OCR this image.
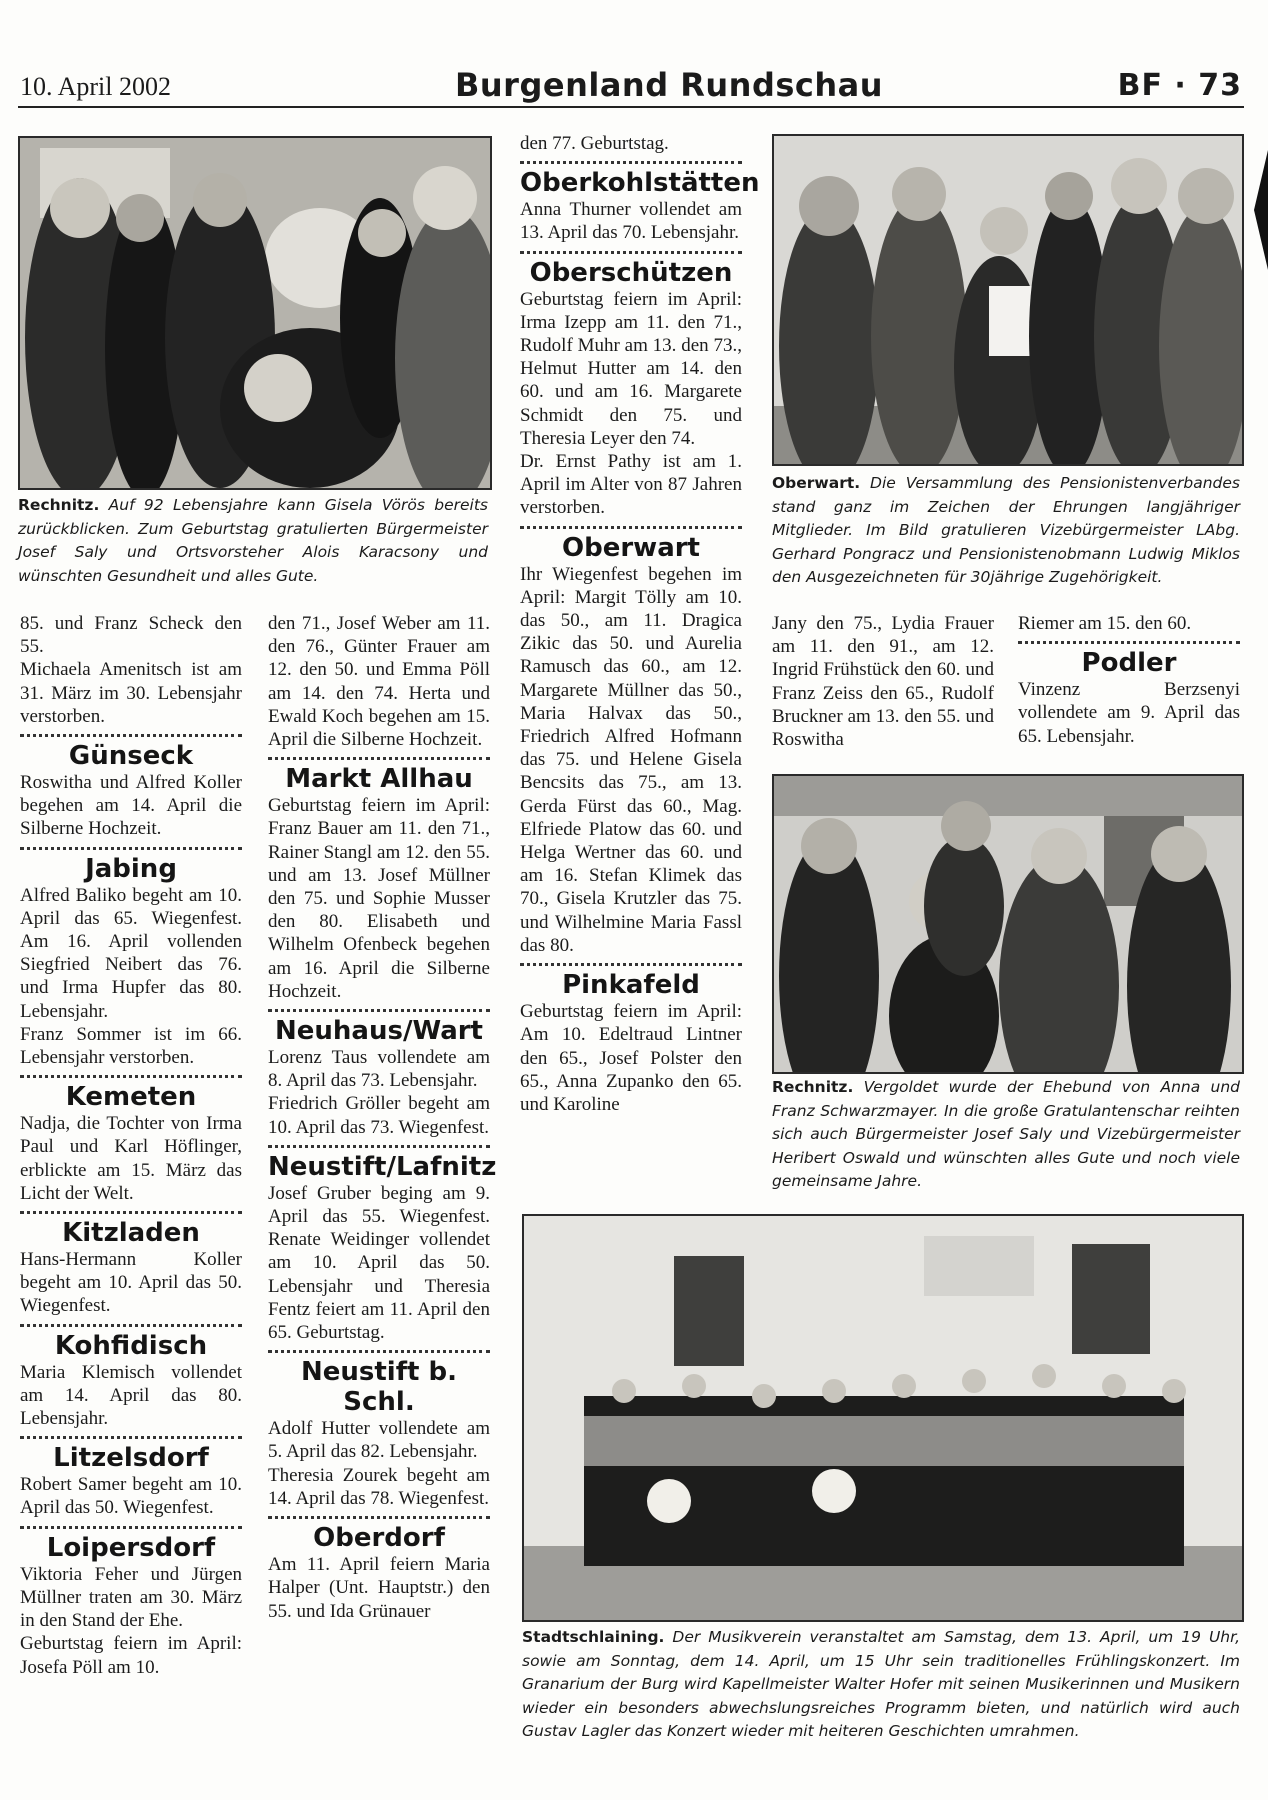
10. April 2002	Burgenland Rundschau	BF · 73
Rechnitz. Auf 92 Lebensjahre kann Gisela Vörös bereits zurückblicken. Zum Geburtstag gratulierten Bürgermeister Josef Saly und Ortsvorsteher Alois Karacsony und wünschten Gesundheit und alles Gute.

85. und Franz Scheck den 55.

Michaela Amenitsch ist am 31. März im 30. Lebensjahr verstorben.

Günseck

Roswitha und Alfred Koller begehen am 14. April die Silberne Hochzeit.

Jabing

Alfred Baliko begeht am 10. April das 65. Wiegenfest. Am 16. April vollenden Siegfried Neibert das 76. und Irma Hupfer das 80. Lebensjahr.

Franz Sommer ist im 66. Lebensjahr verstorben.

Kemeten

Nadja, die Tochter von Irma Paul und Karl Höflinger, erblickte am 15. März das Licht der Welt.

Kitzladen

Hans-Hermann Koller begeht am 10. April das 50. Wiegenfest.

Kohfidisch

Maria Klemisch vollendet am 14. April das 80. Lebensjahr.

Litzelsdorf

Robert Samer begeht am 10. April das 50. Wiegenfest.

Loipersdorf

Viktoria Feher und Jürgen Müllner traten am 30. März in den Stand der Ehe.

Geburtstag feiern im April: Josefa Pöll am 10.

den 71., Josef Weber am 11. den 76., Günter Frauer am 12. den 50. und Emma Pöll am 14. den 74. Herta und Ewald Koch begehen am 15. April die Silberne Hochzeit.

Markt Allhau

Geburtstag feiern im April: Franz Bauer am 11. den 71., Rainer Stangl am 12. den 55. und am 13. Josef Müllner den 75. und Sophie Musser den 80. Elisabeth und Wilhelm Ofenbeck begehen am 16. April die Silberne Hochzeit.

Neuhaus/Wart

Lorenz Taus vollendete am 8. April das 73. Lebensjahr.

Friedrich Gröller begeht am 10. April das 73. Wiegenfest.

Neustift/Lafnitz

Josef Gruber beging am 9. April das 55. Wiegenfest. Renate Weidinger vollendet am 10. April das 50. Lebensjahr und Theresia Fentz feiert am 11. April den 65. Geburtstag.

Neustift b. Schl.

Adolf Hutter vollendete am 5. April das 82. Lebensjahr.

Theresia Zourek begeht am 14. April das 78. Wiegenfest.

Oberdorf

Am 11. April feiern Maria Halper (Unt. Hauptstr.) den 55. und Ida Grünauer

den 77. Geburtstag.

Oberkohlstätten

Anna Thurner vollendet am 13. April das 70. Lebensjahr.

Oberschützen

Geburtstag feiern im April: Irma Izepp am 11. den 71., Rudolf Muhr am 13. den 73., Helmut Hutter am 14. den 60. und am 16. Margarete Schmidt den 75. und Theresia Leyer den 74.

Dr. Ernst Pathy ist am 1. April im Alter von 87 Jahren verstorben.

Oberwart

Ihr Wiegenfest begehen im April: Margit Tölly am 10. das 50., am 11. Dragica Zikic das 50. und Aurelia Ramusch das 60., am 12. Margarete Müllner das 50., Maria Halvax das 50., Friedrich Alfred Hofmann das 75. und Helene Gisela Bencsits das 75., am 13. Gerda Fürst das 60., Mag. Elfriede Platow das 60. und Helga Wertner das 60. und am 16. Stefan Klimek das 70., Gisela Krutzler das 75. und Wilhelmine Maria Fassl das 80.

Pinkafeld

Geburtstag feiern im April: Am 10. Edeltraud Lintner den 65., Josef Polster den 65., Anna Zupanko den 65. und Karoline

Oberwart. Die Versammlung des Pensionistenverbandes stand ganz im Zeichen der Ehrungen langjähriger Mitglieder. Im Bild gratulieren Vizebürgermeister LAbg. Gerhard Pongracz und Pensionistenobmann Ludwig Miklos den Ausgezeichneten für 30jährige Zugehörigkeit.

Jany den 75., Lydia Frauer am 11. den 91., am 12. Ingrid Frühstück den 60. und Franz Zeiss den 65., Rudolf Bruckner am 13. den 55. und Roswitha

Riemer am 15. den 60.

Podler

Vinzenz Berzsenyi vollendete am 9. April das 65. Lebensjahr.

Rechnitz. Vergoldet wurde der Ehebund von Anna und Franz Schwarzmayer. In die große Gratulantenschar reihten sich auch Bürgermeister Josef Saly und Vizebürgermeister Heribert Oswald und wünschten alles Gute und noch viele gemeinsame Jahre.
Stadtschlaining. Der Musikverein veranstaltet am Samstag, dem 13. April, um 19 Uhr, sowie am Sonntag, dem 14. April, um 15 Uhr sein traditionelles Frühlingskonzert. Im Granarium der Burg wird Kapellmeister Walter Hofer mit seinen Musikerinnen und Musikern wieder ein besonders abwechslungsreiches Programm bieten, und natürlich wird auch Gustav Lagler das Konzert wieder mit heiteren Geschichten umrahmen.
